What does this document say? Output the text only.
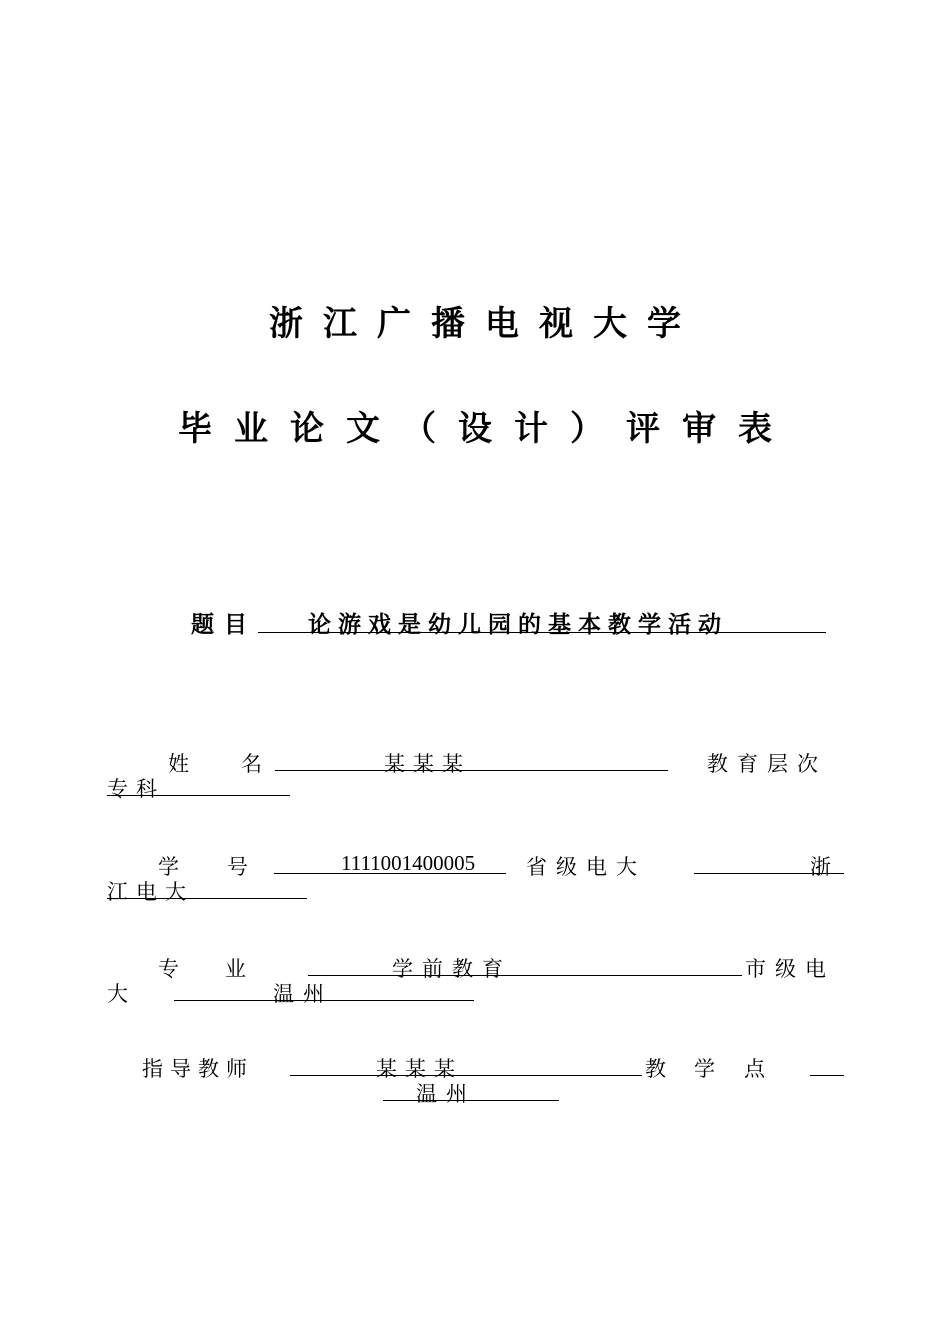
浙江广播电视大学
毕业论文（设计）评审表
题目 论游戏是幼儿园的基本教学活动
姓 名	某某某	教育层次
专科
学 号	1111001400005 省级电大	浙
江电大
专 业	学前教育	市级电
大	温州
指导教师	某某某	教 学 点
温州
